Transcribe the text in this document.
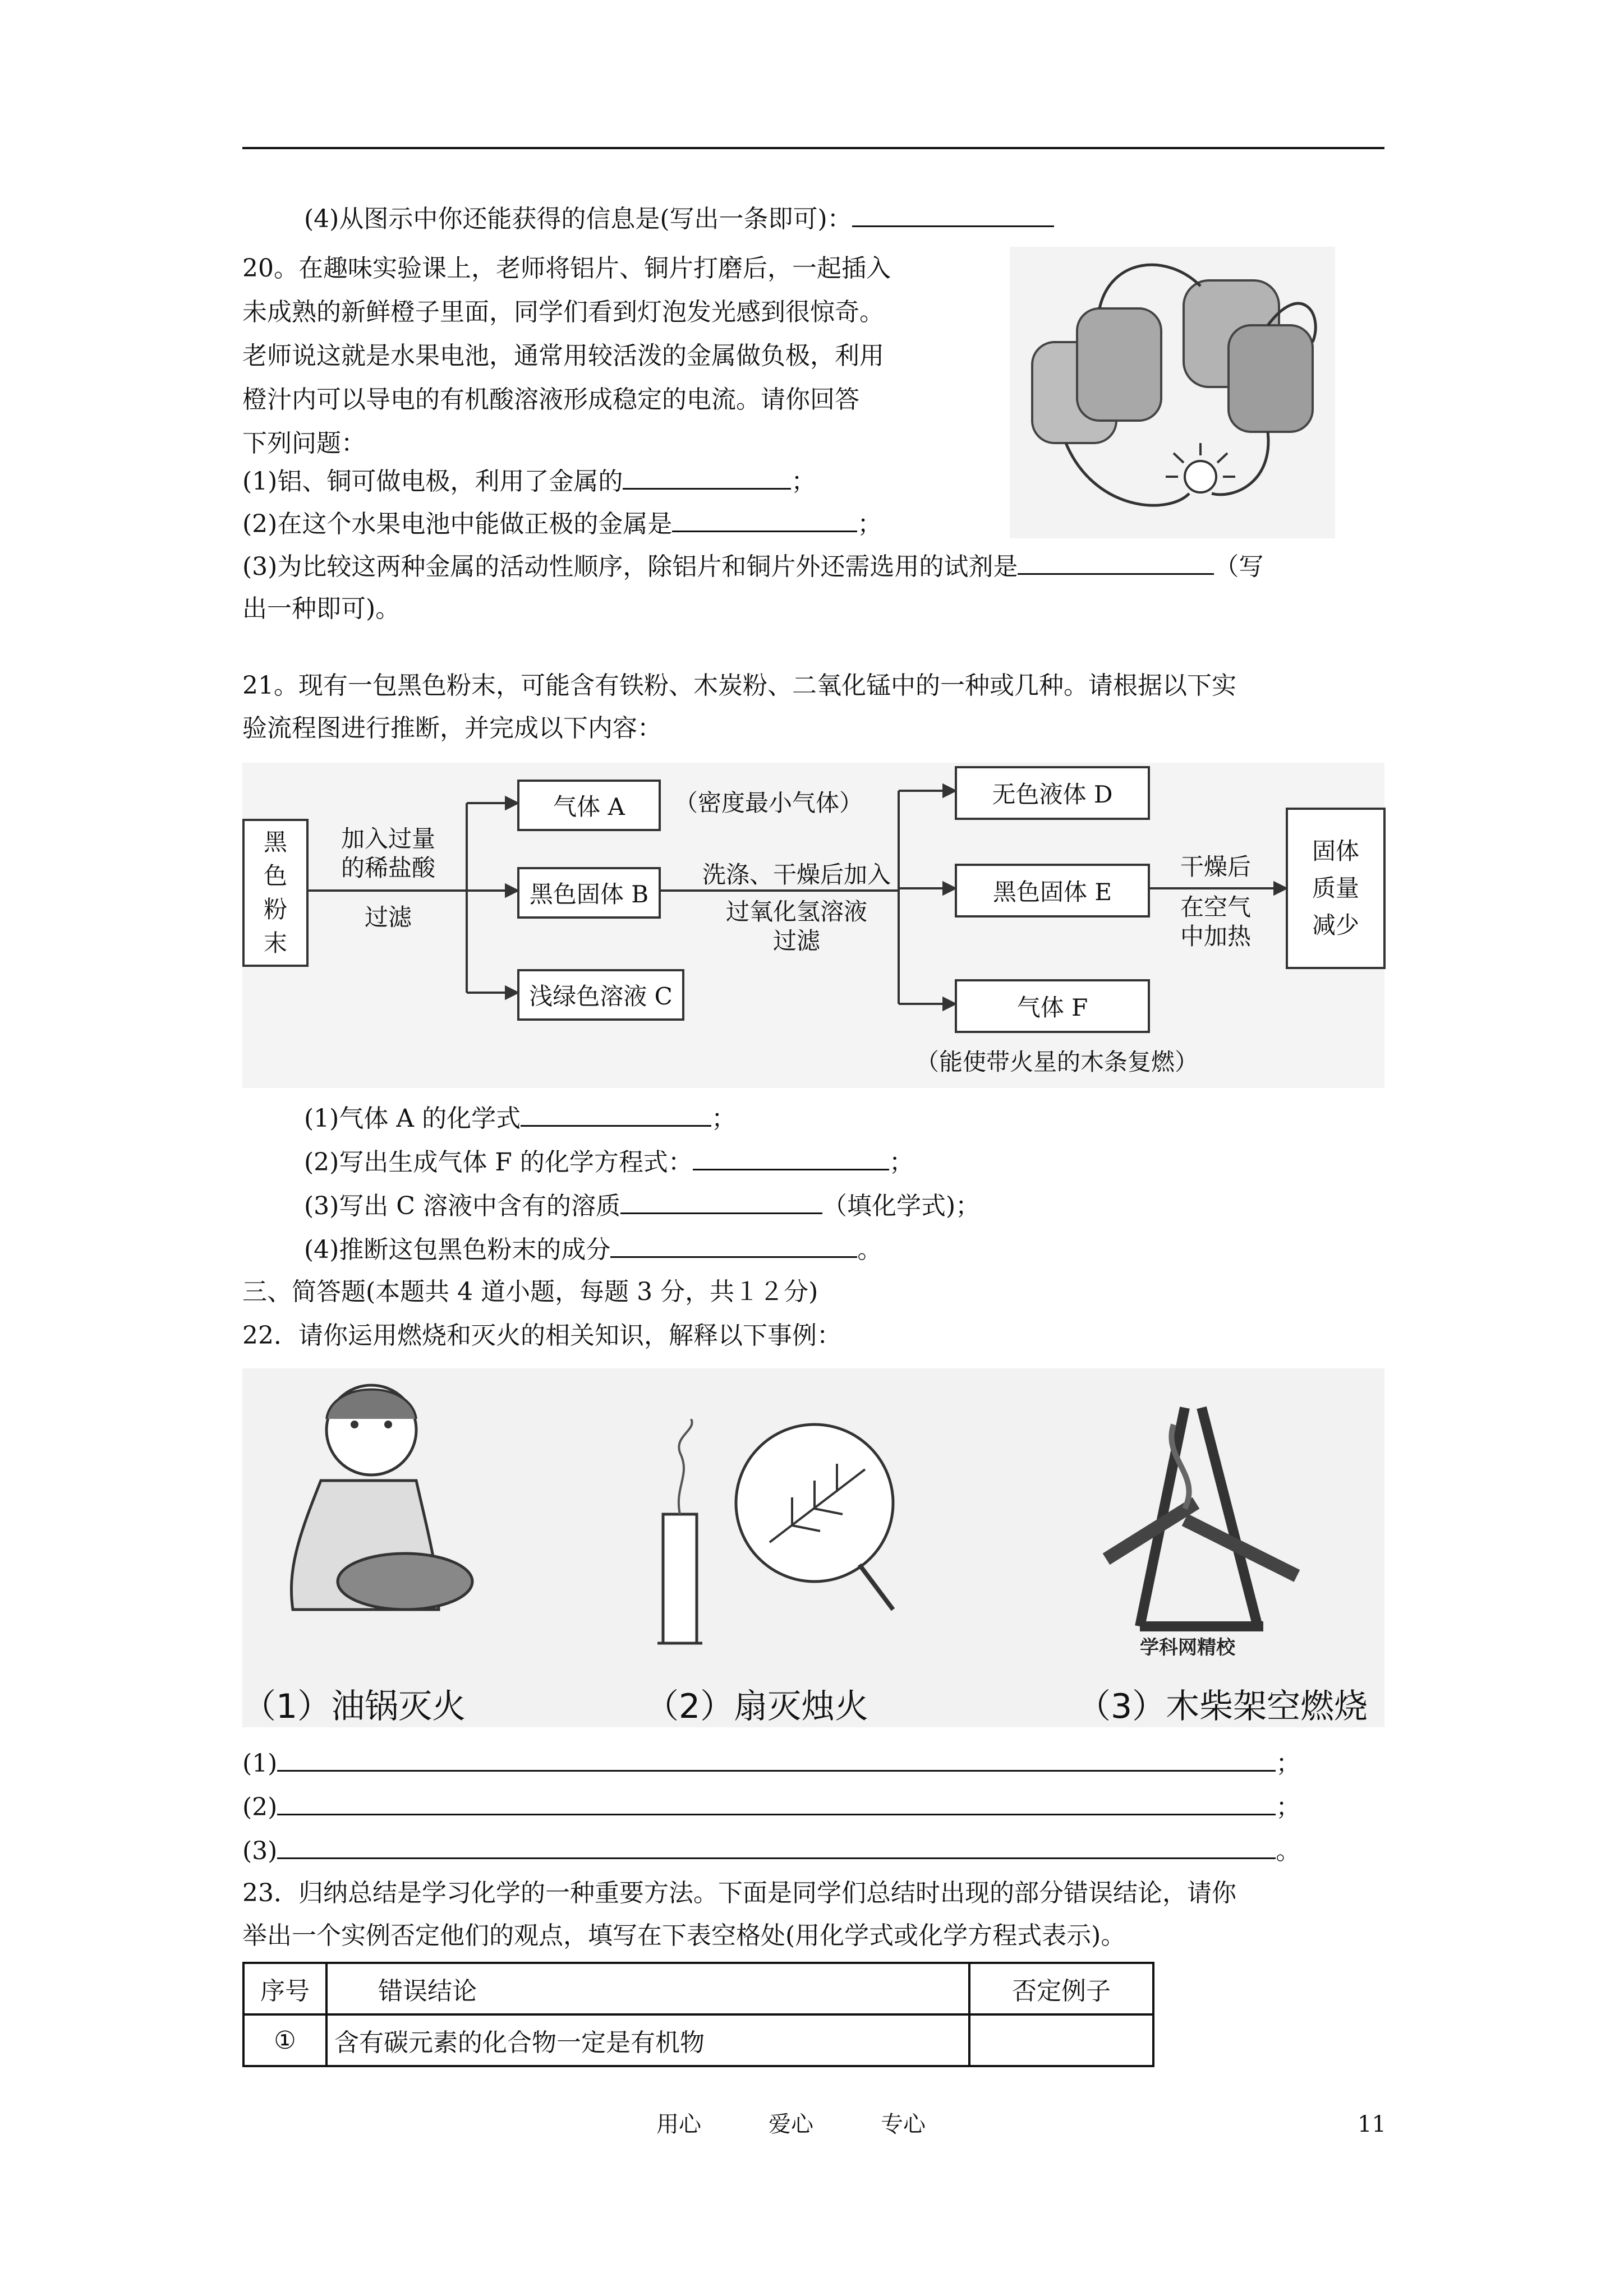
(4)从图示中你还能获得的信息是(写出一条即可)：
20。在趣味实验课上，老师将铝片、铜片打磨后，一起插入
未成熟的新鲜橙子里面，同学们看到灯泡发光感到很惊奇。
老师说这就是水果电池，通常用较活泼的金属做负极，利用
橙汁内可以导电的有机酸溶液形成稳定的电流。请你回答
下列问题：
(1)铝、铜可做电极，利用了金属的	；
(2)在这个水果电池中能做正极的金属是	；
(3)为比较这两种金属的活动性顺序，除铝片和铜片外还需选用的试剂是	（写
出一种即可)。
21。现有一包黑色粉末，可能含有铁粉、木炭粉、二氧化锰中的一种或几种。请根据以下实
验流程图进行推断，并完成以下内容：
黑
色
粉
末
加入过量
的稀盐酸
过滤
气体 A	（密度最小气体）
黑色固体 B
浅绿色溶液 C
洗涤、干燥后加入
过氧化氢溶液
过滤
无色液体 D
黑色固体 E
气体 F
（能使带火星的木条复燃）
干燥后
在空气
中加热
固体
质量
减少
(1)气体 A 的化学式	；
(2)写出生成气体 F 的化学方程式：	；
(3)写出 C 溶液中含有的溶质	（填化学式)；
(4)推断这包黑色粉末的成分	。
三、简答题(本题共 4 道小题，每题 3 分，共１２分)
22．请你运用燃烧和灭火的相关知识，解释以下事例：
学科网精校
（1）油锅灭火	（2）扇灭烛火	（3）木柴架空燃烧
(1)	；
(2)	；
(3)	。
23．归纳总结是学习化学的一种重要方法。下面是同学们总结时出现的部分错误结论，请你
举出一个实例否定他们的观点，填写在下表空格处(用化学式或化学方程式表示)。
序号	错误结论	否定例子
①	含有碳元素的化合物一定是有机物	
用心	爱心	专心	11
